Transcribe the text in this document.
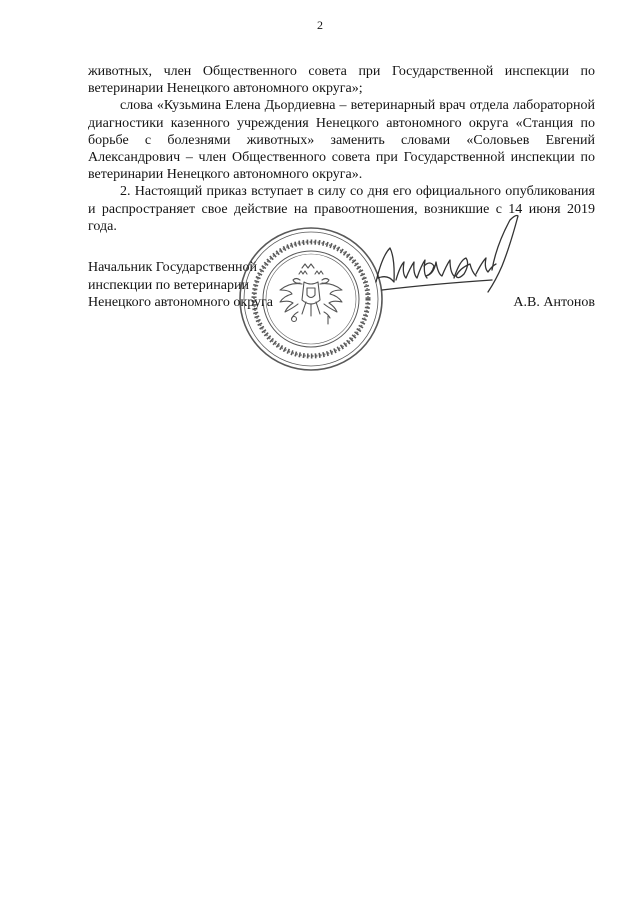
2

животных, член Общественного совета при Государственной инспекции по ветеринарии Ненецкого автономного округа»;

слова «Кузьмина Елена Дьордиевна – ветеринарный врач отдела лабораторной диагностики казенного учреждения Ненецкого автономного округа «Станция по борьбе с болезнями животных» заменить словами «Соловьев Евгений Александрович – член Общественного совета при Государственной инспекции по ветеринарии Ненецкого автономного округа».

2. Настоящий приказ вступает в силу со дня его официального опубликования и распространяет свое действие на правоотношения, возникшие с 14 июня 2019 года.

Начальник Государственной
инспекции по ветеринарии
Ненецкого автономного округа	А.В. Антонов
